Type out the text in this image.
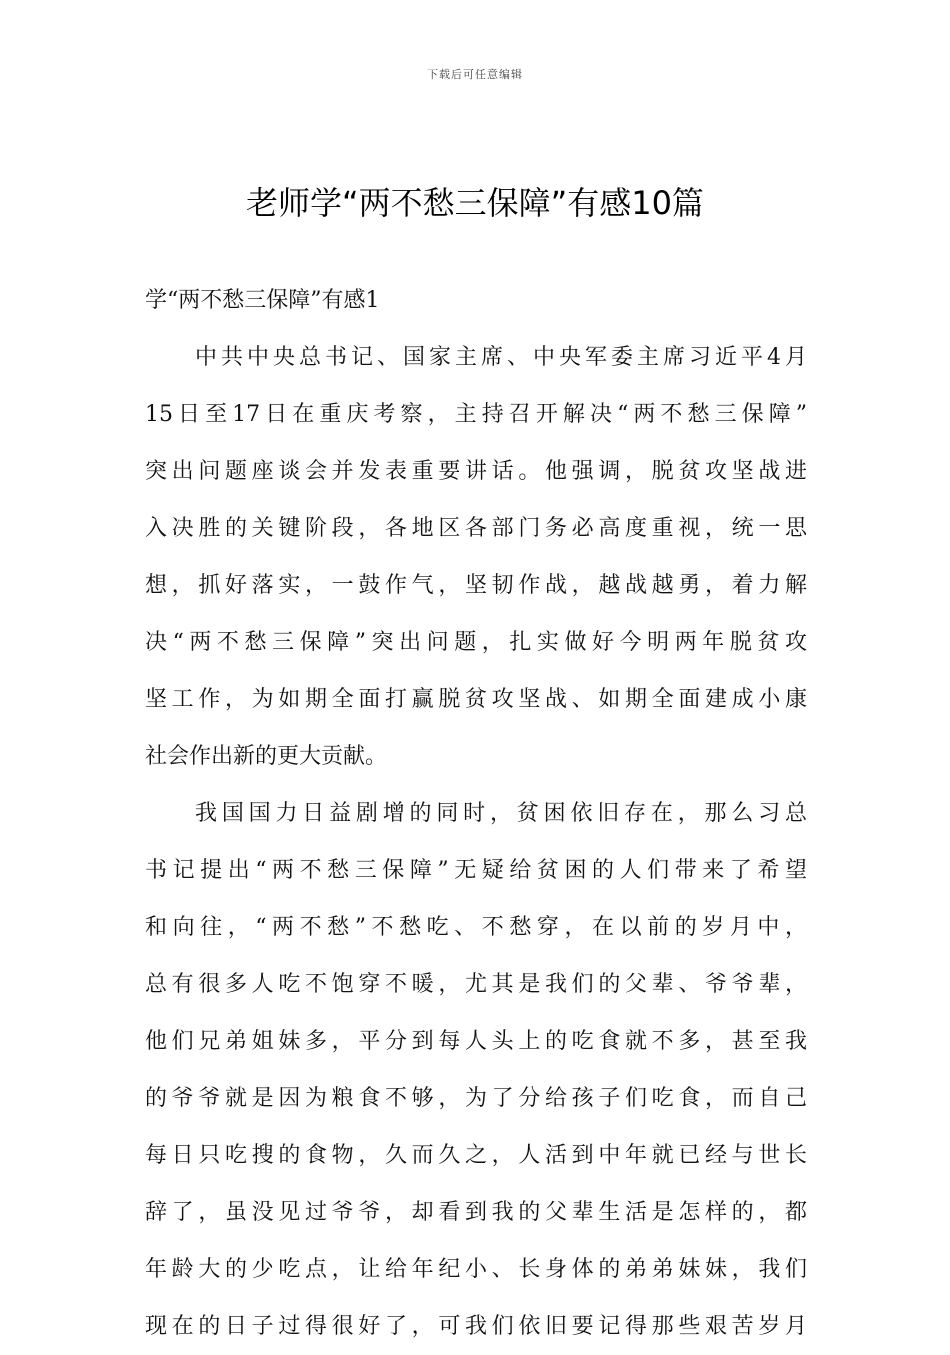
下载后可任意编辑
老师学“两不愁三保障”有感10篇
学“两不愁三保障”有感1
中共中央总书记、国家主席、中央军委主席习近平4月
15日至17日在重庆考察，主持召开解决“两不愁三保障”
突出问题座谈会并发表重要讲话。他强调，脱贫攻坚战进
入决胜的关键阶段，各地区各部门务必高度重视，统一思
想，抓好落实，一鼓作气，坚韧作战，越战越勇，着力解
决“两不愁三保障”突出问题，扎实做好今明两年脱贫攻
坚工作，为如期全面打赢脱贫攻坚战、如期全面建成小康
社会作出新的更大贡献。
我国国力日益剧增的同时，贫困依旧存在，那么习总
书记提出“两不愁三保障”无疑给贫困的人们带来了希望
和向往，“两不愁”不愁吃、不愁穿，在以前的岁月中，
总有很多人吃不饱穿不暖，尤其是我们的父辈、爷爷辈，
他们兄弟姐妹多，平分到每人头上的吃食就不多，甚至我
的爷爷就是因为粮食不够，为了分给孩子们吃食，而自己
每日只吃搜的食物，久而久之，人活到中年就已经与世长
辞了，虽没见过爷爷，却看到我的父辈生活是怎样的，都
年龄大的少吃点，让给年纪小、长身体的弟弟妹妹，我们
现在的日子过得很好了，可我们依旧要记得那些艰苦岁月
